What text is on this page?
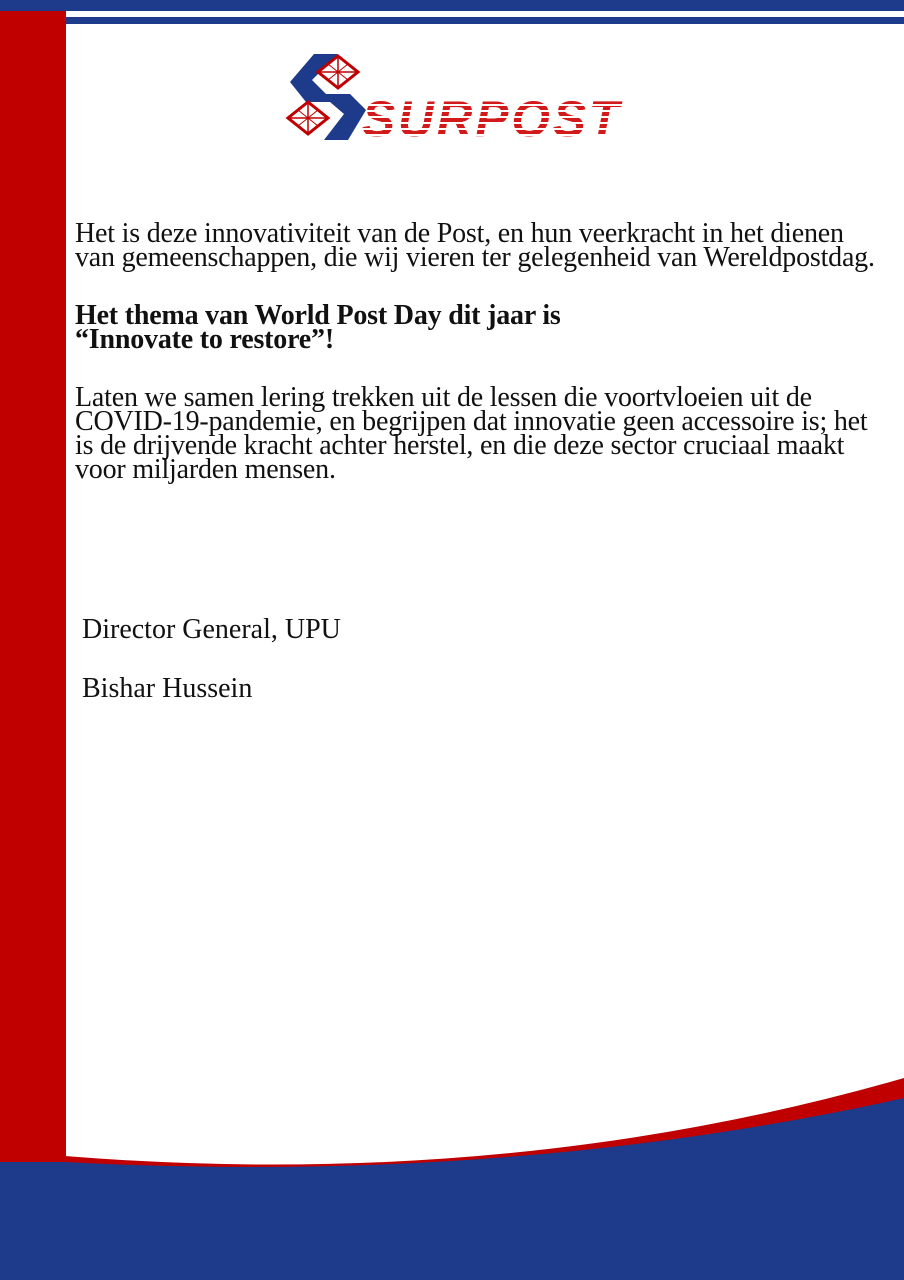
SURPOST

Het is deze innovativiteit van de Post, en hun veerkracht in het dienen van gemeenschappen, die wij vieren ter gelegenheid van Wereldpostdag.

Het thema van World Post Day dit jaar is
“Innovate to restore”!

Laten we samen lering trekken uit de lessen die voortvloeien uit de COVID-19-pandemie, en begrijpen dat innovatie geen accessoire is; het is de drijvende kracht achter herstel, en die deze sector cruciaal maakt voor miljarden mensen.

Director General, UPU

Bishar Hussein
